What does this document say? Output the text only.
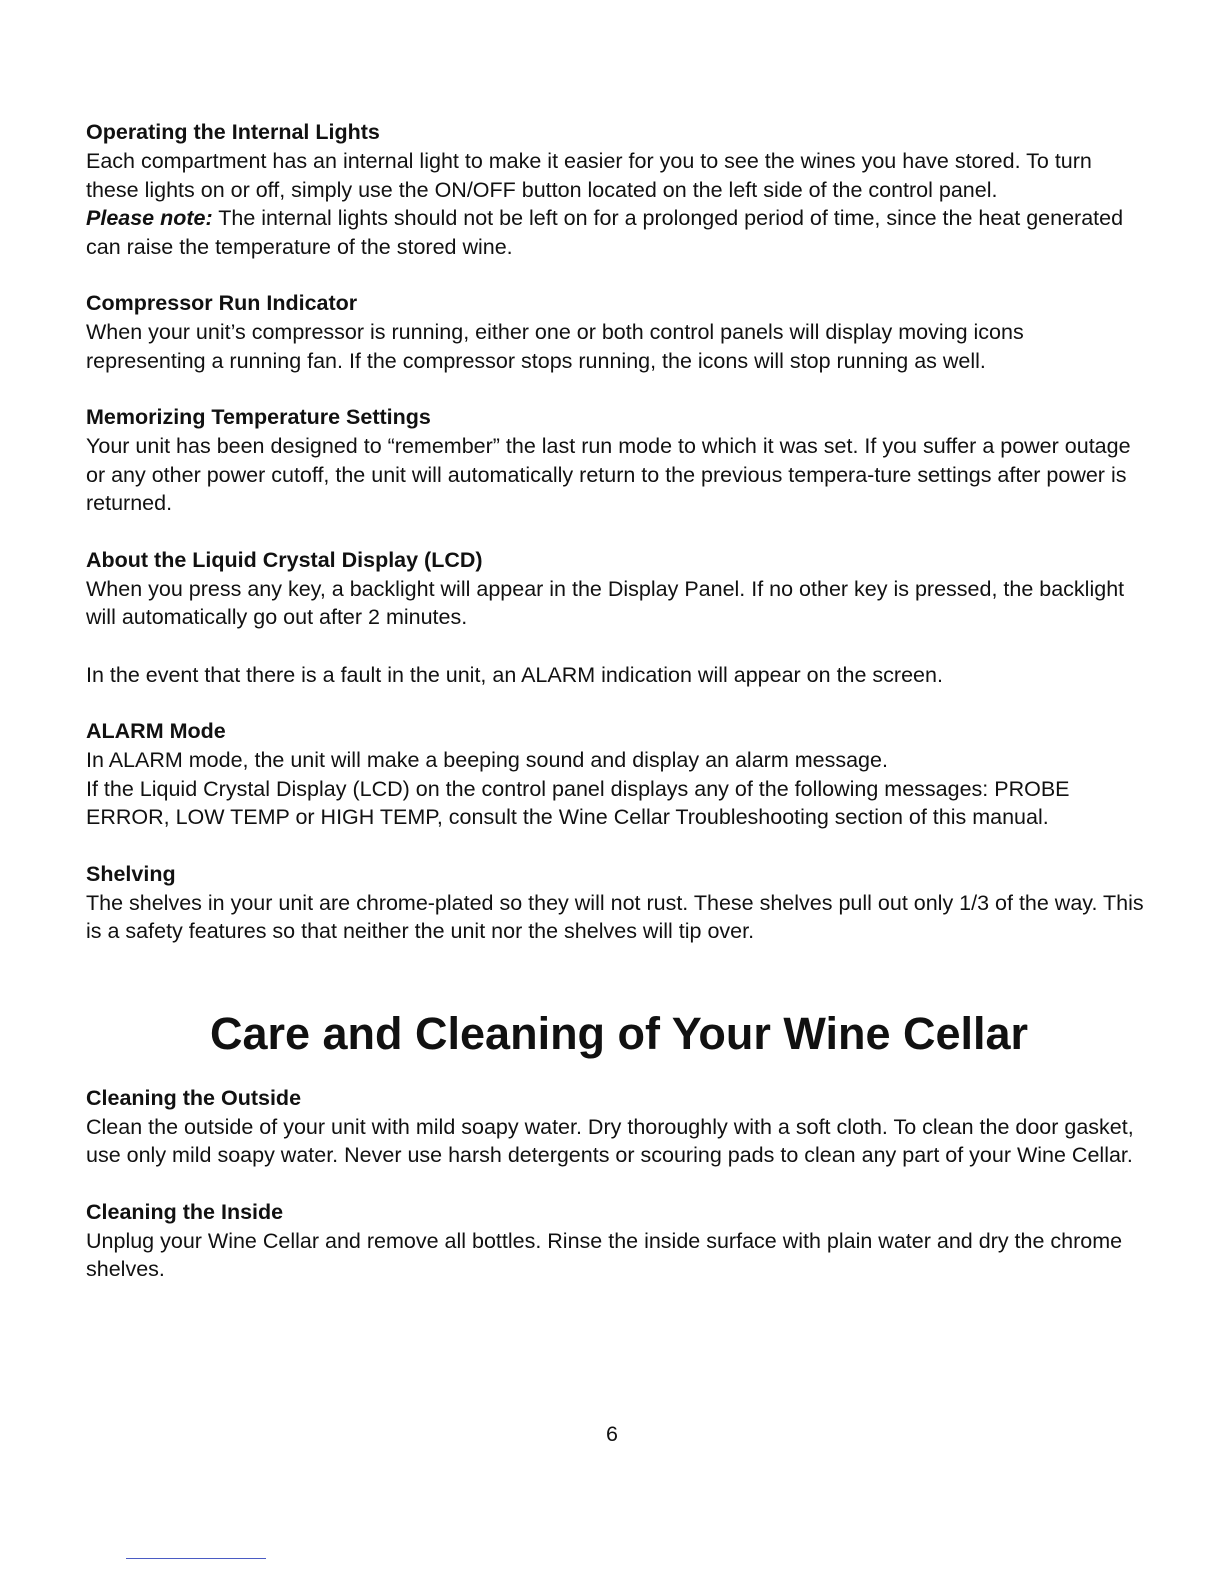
Operating the Internal Lights

Each compartment has an internal light to make it easier for you to see the wines you have stored. To turn these lights on or off, simply use the ON/OFF button located on the left side of the control panel.

Please note: The internal lights should not be left on for a prolonged period of time, since the heat generated can raise the temperature of the stored wine.

Compressor Run Indicator

When your unit’s compressor is running, either one or both control panels will display moving icons representing a running fan. If the compressor stops running, the icons will stop running as well.

Memorizing Temperature Settings

Your unit has been designed to “remember” the last run mode to which it was set. If you suffer a power outage or any other power cutoff, the unit will automatically return to the previous tempera-ture settings after power is returned.

About the Liquid Crystal Display (LCD)

When you press any key, a backlight will appear in the Display Panel. If no other key is pressed, the backlight will automatically go out after 2 minutes.

In the event that there is a fault in the unit, an ALARM indication will appear on the screen.

ALARM Mode

In ALARM mode, the unit will make a beeping sound and display an alarm message.

If the Liquid Crystal Display (LCD) on the control panel displays any of the following messages: PROBE ERROR, LOW TEMP or HIGH TEMP, consult the Wine Cellar Troubleshooting section of this manual.

Shelving

The shelves in your unit are chrome-plated so they will not rust. These shelves pull out only 1/3 of the way. This is a safety features so that neither the unit nor the shelves will tip over.

Care and Cleaning of Your Wine Cellar
Cleaning the Outside

Clean the outside of your unit with mild soapy water. Dry thoroughly with a soft cloth. To clean the door gasket, use only mild soapy water. Never use harsh detergents or scouring pads to clean any part of your Wine Cellar.

Cleaning the Inside

Unplug your Wine Cellar and remove all bottles. Rinse the inside surface with plain water and dry the chrome shelves.

6
